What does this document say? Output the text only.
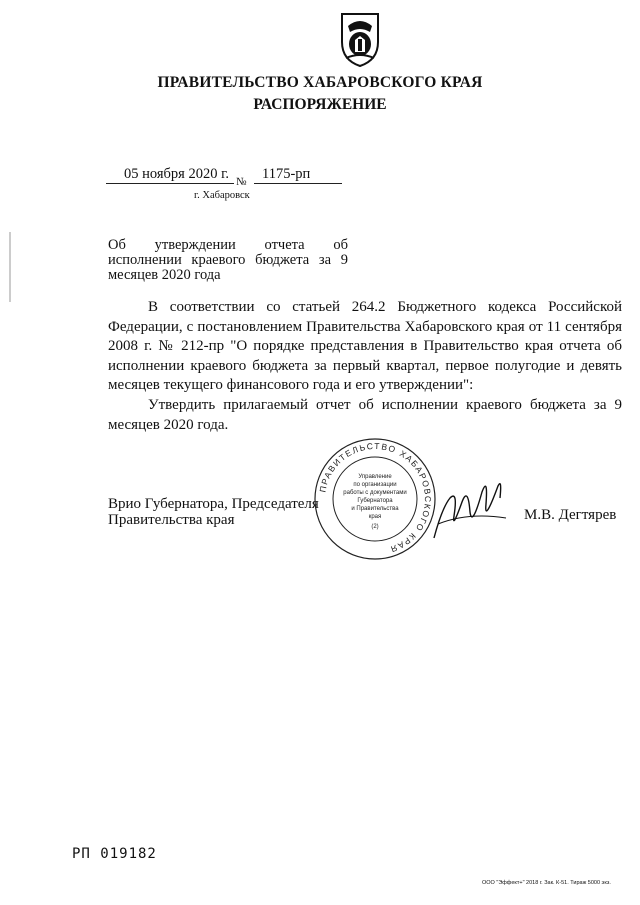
ПРАВИТЕЛЬСТВО ХАБАРОВСКОГО КРАЯ
РАСПОРЯЖЕНИЕ
05 ноября 2020 г. № 1175-рп
г. Хабаровск
Об утверждении отчета об исполнении краевого бюджета за 9 месяцев 2020 года
В соответствии со статьей 264.2 Бюджетного кодекса Российской Федерации, с постановлением Правительства Хабаровского края от 11 сентября 2008 г. № 212-пр "О порядке представления в Правительство края отчета об исполнении краевого бюджета за первый квартал, первое полугодие и девять месяцев текущего финансового года и его утверждении":
Утвердить прилагаемый отчет об исполнении краевого бюджета за 9 месяцев 2020 года.
Врио Губернатора, Председателя
Правительства края
ПРАВИТЕЛЬСТВО ХАБАРОВСКОГО КРАЯ
Управление
по организации
работы с документами
Губернатора
и Правительства
края
(2)
М.В. Дегтярев
РП 019182
ООО "Эффект+" 2018 г. Зак. К-51. Тираж 5000 экз.
